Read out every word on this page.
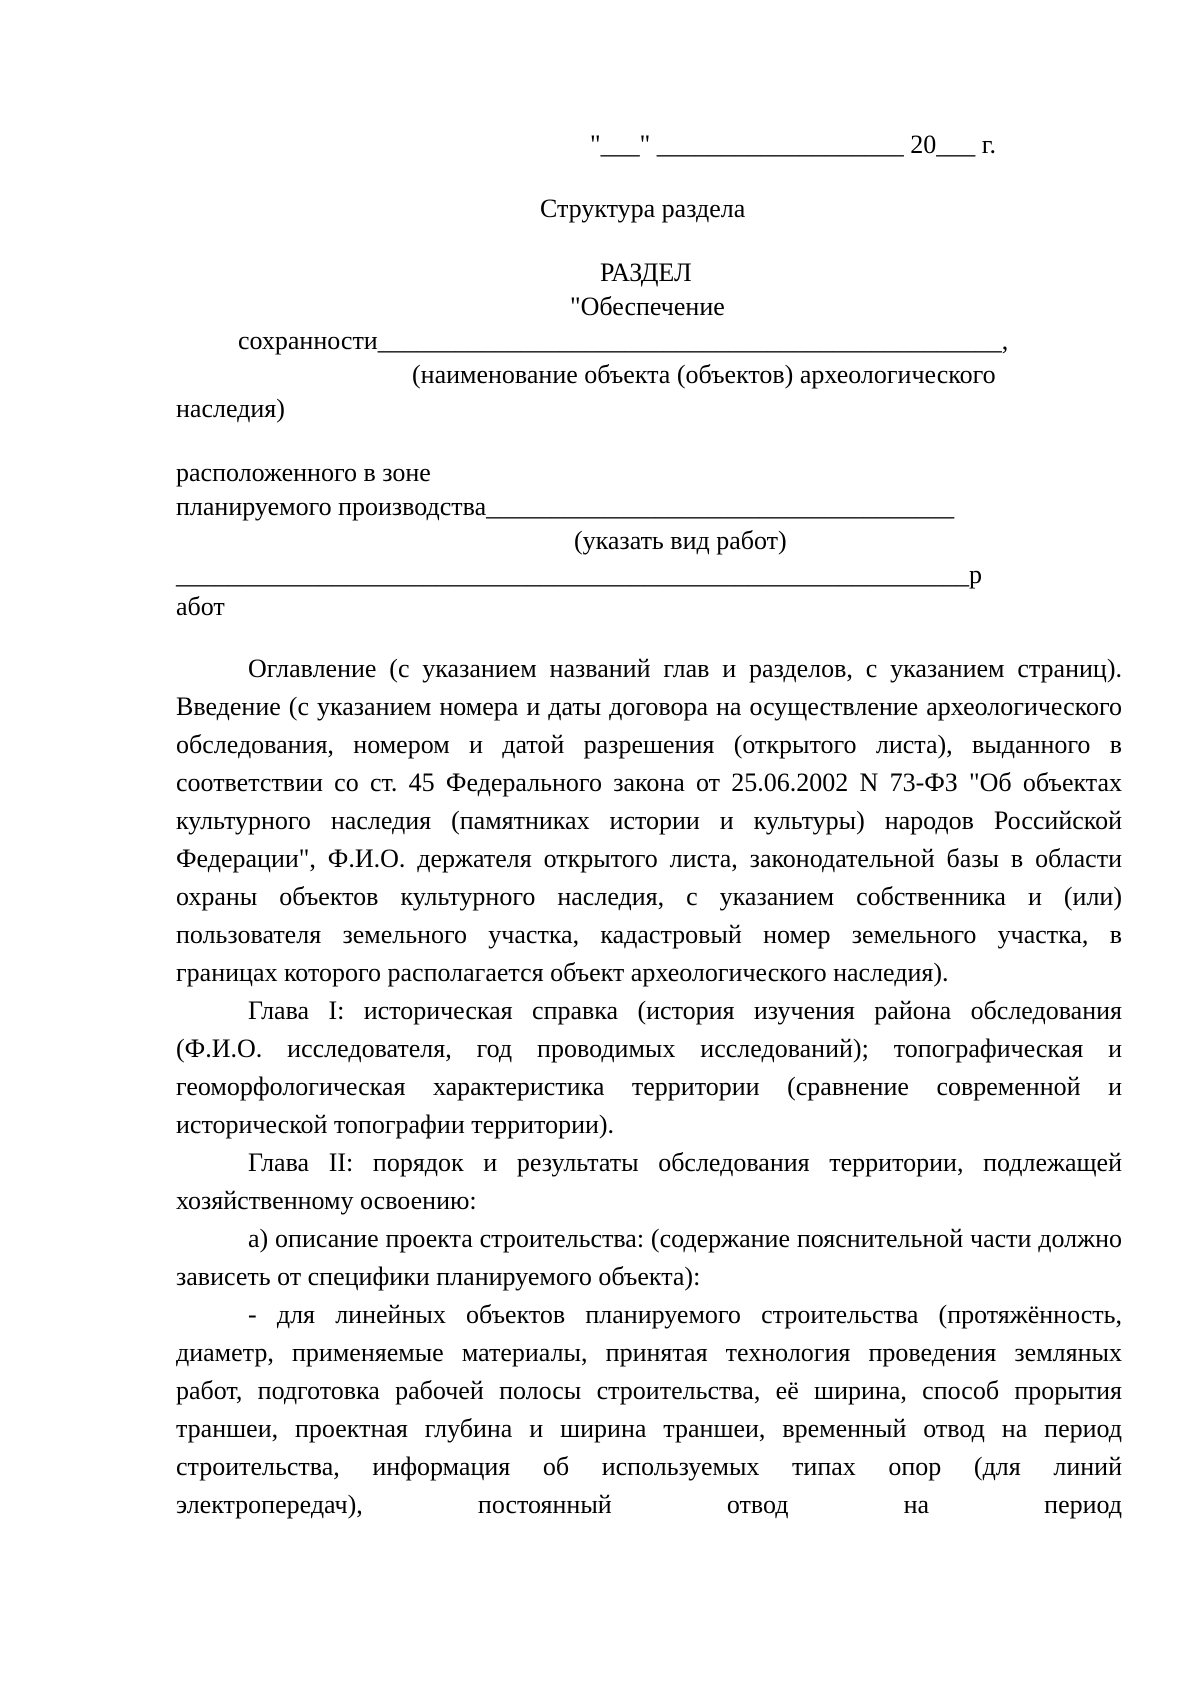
"___" ___________________ 20___ г.
Структура раздела
РАЗДЕЛ
"Обеспечение
сохранности________________________________________________,
(наименование объекта (объектов) археологического
наследия)
расположенного в зоне
планируемого производства____________________________________
(указать вид работ)
_____________________________________________________________р
абот

Оглавление (с указанием названий глав и разделов, с указанием страниц). Введение (с указанием номера и даты договора на осуществление археологического обследования, номером и датой разрешения (открытого листа), выданного в соответствии со ст. 45 Федерального закона от 25.06.2002 N 73-ФЗ "Об объектах культурного наследия (памятниках истории и культуры) народов Российской Федерации", Ф.И.О. держателя открытого листа, законодательной базы в области охраны объектов культурного наследия, с указанием собственника и (или) пользователя земельного участка, кадастровый номер земельного участка, в границах которого располагается объект археологического наследия).

Глава I: историческая справка (история изучения района обследования (Ф.И.О. исследователя, год проводимых исследований); топографическая и геоморфологическая характеристика территории (сравнение современной и исторической топографии территории).

Глава II: порядок и результаты обследования территории, подлежащей хозяйственному освоению:

а) описание проекта строительства: (содержание пояснительной части должно зависеть от специфики планируемого объекта):

- для линейных объектов планируемого строительства (протяжённость, диаметр, применяемые материалы, принятая технология проведения земляных работ, подготовка рабочей полосы строительства, её ширина, способ прорытия траншеи, проектная глубина и ширина траншеи, временный отвод на период строительства, информация об используемых типах опор (для линий электропередач), постоянный отвод на период
